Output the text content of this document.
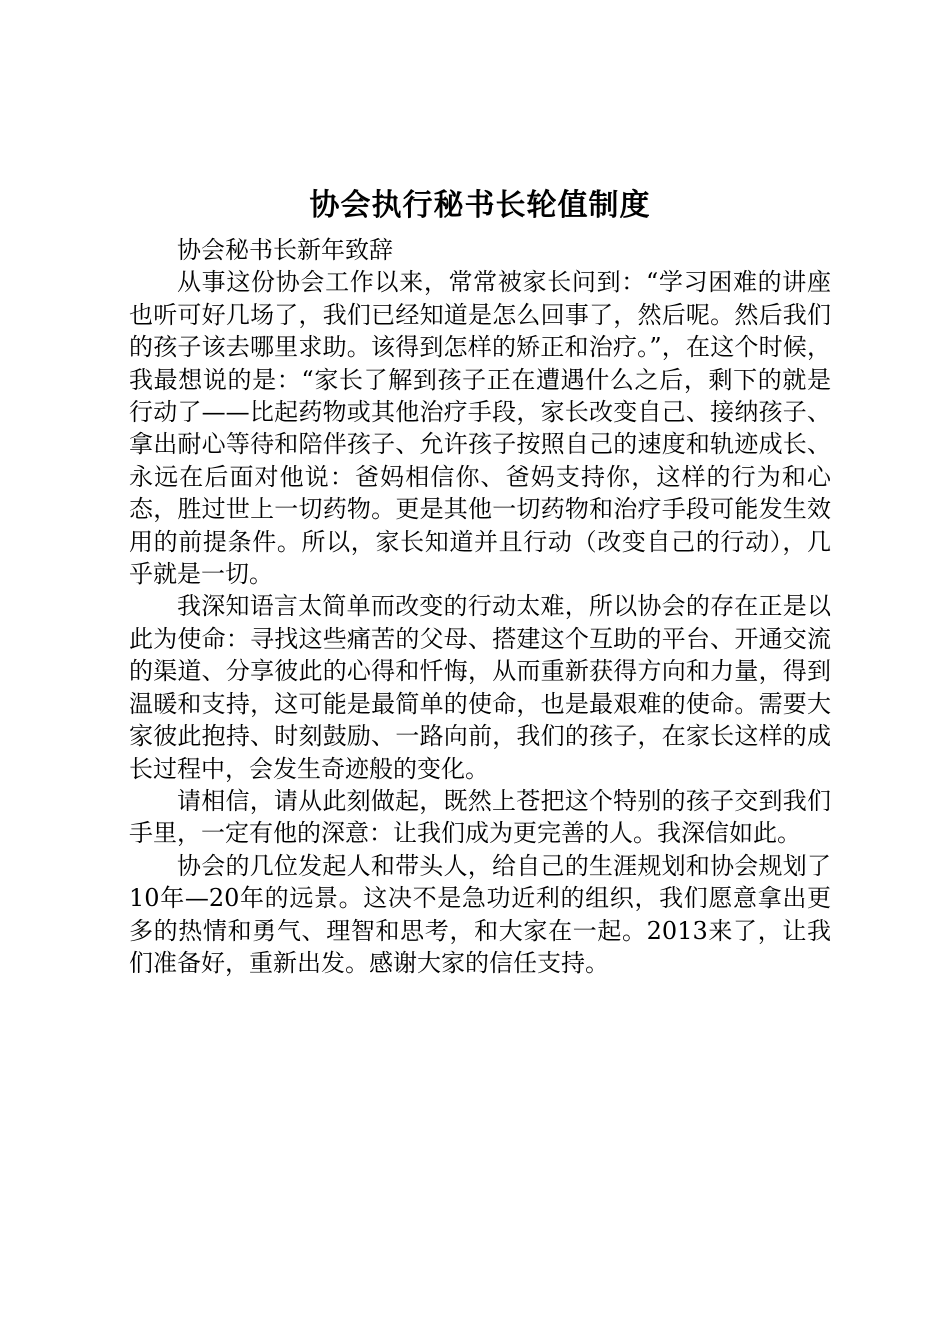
协会执行秘书长轮值制度

协会秘书长新年致辞

从事这份协会工作以来，常常被家长问到：“学习困难的讲座也听可好几场了，我们已经知道是怎么回事了，然后呢。然后我们的孩子该去哪里求助。该得到怎样的矫正和治疗。”，在这个时候，我最想说的是：“家长了解到孩子正在遭遇什么之后，剩下的就是行动了——比起药物或其他治疗手段，家长改变自己、接纳孩子、拿出耐心等待和陪伴孩子、允许孩子按照自己的速度和轨迹成长、永远在后面对他说：爸妈相信你、爸妈支持你，这样的行为和心态，胜过世上一切药物。更是其他一切药物和治疗手段可能发生效用的前提条件。所以，家长知道并且行动（改变自己的行动），几乎就是一切。

我深知语言太简单而改变的行动太难，所以协会的存在正是以此为使命：寻找这些痛苦的父母、搭建这个互助的平台、开通交流的渠道、分享彼此的心得和忏悔，从而重新获得方向和力量，得到温暖和支持，这可能是最简单的使命，也是最艰难的使命。需要大家彼此抱持、时刻鼓励、一路向前，我们的孩子，在家长这样的成长过程中，会发生奇迹般的变化。

请相信，请从此刻做起，既然上苍把这个特别的孩子交到我们手里，一定有他的深意：让我们成为更完善的人。我深信如此。

协会的几位发起人和带头人，给自己的生涯规划和协会规划了10年—20年的远景。这决不是急功近利的组织，我们愿意拿出更多的热情和勇气、理智和思考，和大家在一起。2013来了，让我们准备好，重新出发。感谢大家的信任支持。
